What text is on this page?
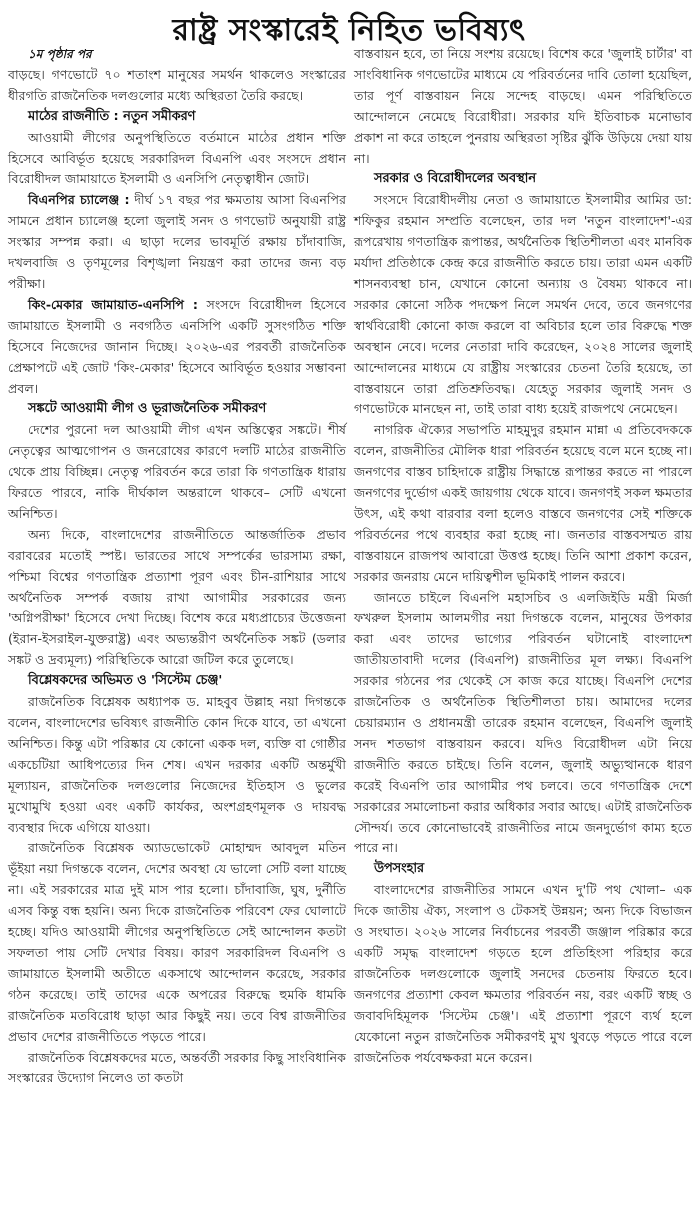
রাষ্ট্র সংস্কারেই নিহিত ভবিষ্যৎ

১ম পৃষ্ঠার পর

বাড়ছে। গণভোটে ৭০ শতাংশ মানুষের সমর্থন থাকলেও সংস্কারের ধীরগতি রাজনৈতিক দলগুলোর মধ্যে অস্থিরতা তৈরি করছে।

মাঠের রাজনীতি : নতুন সমীকরণ

আওয়ামী লীগের অনুপস্থিতিতে বর্তমানে মাঠের প্রধান শক্তি হিসেবে আবির্ভূত হয়েছে সরকারিদল বিএনপি এবং সংসদে প্রধান বিরোধীদল জামায়াতে ইসলামী ও এনসিপি নেতৃত্বাধীন জোট।

বিএনপির চ্যালেঞ্জ : দীর্ঘ ১৭ বছর পর ক্ষমতায় আসা বিএনপির সামনে প্রধান চ্যালেঞ্জ হলো জুলাই সনদ ও গণভোট অনুযায়ী রাষ্ট্র সংস্কার সম্পন্ন করা। এ ছাড়া দলের ভাবমূর্তি রক্ষায় চাঁদাবাজি, দখলবাজি ও তৃণমূলের বিশৃঙ্খলা নিয়ন্ত্রণ করা তাদের জন্য বড় পরীক্ষা।

কিং-মেকার জামায়াত-এনসিপি : সংসদে বিরোধীদল হিসেবে জামায়াতে ইসলামী ও নবগঠিত এনসিপি একটি সুসংগঠিত শক্তি হিসেবে নিজেদের জানান দিচ্ছে। ২০২৬-এর পরবর্তী রাজনৈতিক প্রেক্ষাপটে এই জোট 'কিং-মেকার' হিসেবে আবির্ভূত হওয়ার সম্ভাবনা প্রবল।

সঙ্কটে আওয়ামী লীগ ও ভূরাজনৈতিক সমীকরণ

দেশের পুরনো দল আওয়ামী লীগ এখন অস্তিত্বের সঙ্কটে। শীর্ষ নেতৃত্বের আত্মগোপন ও জনরোষের কারণে দলটি মাঠের রাজনীতি থেকে প্রায় বিচ্ছিন্ন। নেতৃত্ব পরিবর্তন করে তারা কি গণতান্ত্রিক ধারায় ফিরতে পারবে, নাকি দীর্ঘকাল অন্তরালে থাকবে– সেটি এখনো অনিশ্চিত।

অন্য দিকে, বাংলাদেশের রাজনীতিতে আন্তর্জাতিক প্রভাব বরাবরের মতোই স্পষ্ট। ভারতের সাথে সম্পর্কের ভারসাম্য রক্ষা, পশ্চিমা বিশ্বের গণতান্ত্রিক প্রত্যাশা পূরণ এবং চীন-রাশিয়ার সাথে অর্থনৈতিক সম্পর্ক বজায় রাখা আগামীর সরকারের জন্য 'অগ্নিপরীক্ষা' হিসেবে দেখা দিচ্ছে। বিশেষ করে মধ্যপ্রাচ্যের উত্তেজনা (ইরান-ইসরাইল-যুক্তরাষ্ট্র) এবং অভ্যন্তরীণ অর্থনৈতিক সঙ্কট (ডলার সঙ্কট ও দ্রব্যমূল্য) পরিস্থিতিকে আরো জটিল করে তুলেছে।

বিশ্লেষকদের অভিমত ও 'সিস্টেম চেঞ্জ'

রাজনৈতিক বিশ্লেষক অধ্যাপক ড. মাহবুব উল্লাহ নয়া দিগন্তকে বলেন, বাংলাদেশের ভবিষ্যৎ রাজনীতি কোন দিকে যাবে, তা এখনো অনিশ্চিত। কিন্তু এটা পরিষ্কার যে কোনো একক দল, ব্যক্তি বা গোষ্ঠীর একচেটিয়া আধিপত্যের দিন শেষ। এখন দরকার একটি অন্তর্মুখী মূল্যায়ন, রাজনৈতিক দলগুলোর নিজেদের ইতিহাস ও ভুলের মুখোমুখি হওয়া এবং একটি কার্যকর, অংশগ্রহণমূলক ও দায়বদ্ধ ব্যবস্থার দিকে এগিয়ে যাওয়া।

রাজনৈতিক বিশ্লেষক অ্যাডভোকেট মোহাম্মদ আবদুল মতিন ভূঁইয়া নয়া দিগন্তকে বলেন, দেশের অবস্থা যে ভালো সেটি বলা যাচ্ছে না। এই সরকারের মাত্র দুই মাস পার হলো। চাঁদাবাজি, ঘুষ, দুর্নীতি এসব কিন্তু বন্ধ হয়নি। অন্য দিকে রাজনৈতিক পরিবেশ ফের ঘোলাটে হচ্ছে। যদিও আওয়ামী লীগের অনুপস্থিতিতে সেই আন্দোলন কতটা সফলতা পায় সেটি দেখার বিষয়। কারণ সরকারিদল বিএনপি ও জামায়াতে ইসলামী অতীতে একসাথে আন্দোলন করেছে, সরকার গঠন করেছে। তাই তাদের একে অপরের বিরুদ্ধে হুমকি ধামকি রাজনৈতিক মতবিরোধ ছাড়া আর কিছুই নয়। তবে বিশ্ব রাজনীতির প্রভাব দেশের রাজনীতিতে পড়তে পারে।

রাজনৈতিক বিশ্লেষকদের মতে, অন্তর্বর্তী সরকার কিছু সাংবিধানিক সংস্কারের উদ্যোগ নিলেও তা কতটা

বাস্তবায়ন হবে, তা নিয়ে সংশয় রয়েছে। বিশেষ করে 'জুলাই চার্টার' বা সাংবিধানিক গণভোটের মাধ্যমে যে পরিবর্তনের দাবি তোলা হয়েছিল, তার পূর্ণ বাস্তবায়ন নিয়ে সন্দেহ বাড়ছে। এমন পরিস্থিতিতে আন্দোলনে নেমেছে বিরোধীরা। সরকার যদি ইতিবাচক মনোভাব প্রকাশ না করে তাহলে পুনরায় অস্থিরতা সৃষ্টির ঝুঁকি উড়িয়ে দেয়া যায় না।

সরকার ও বিরোধীদলের অবস্থান

সংসদে বিরোধীদলীয় নেতা ও জামায়াতে ইসলামীর আমির ডা: শফিকুর রহমান সম্প্রতি বলেছেন, তার দল 'নতুন বাংলাদেশ'-এর রূপরেখায় গণতান্ত্রিক রূপান্তর, অর্থনৈতিক স্থিতিশীলতা এবং মানবিক মর্যাদা প্রতিষ্ঠাকে কেন্দ্র করে রাজনীতি করতে চায়। তারা এমন একটি শাসনব্যবস্থা চান, যেখানে কোনো অন্যায় ও বৈষম্য থাকবে না। সরকার কোনো সঠিক পদক্ষেপ নিলে সমর্থন দেবে, তবে জনগণের স্বার্থবিরোধী কোনো কাজ করলে বা অবিচার হলে তার বিরুদ্ধে শক্ত অবস্থান নেবে। দলের নেতারা দাবি করেছেন, ২০২৪ সালের জুলাই আন্দোলনের মাধ্যমে যে রাষ্ট্রীয় সংস্কারের চেতনা তৈরি হয়েছে, তা বাস্তবায়নে তারা প্রতিশ্রুতিবদ্ধ। যেহেতু সরকার জুলাই সনদ ও গণভোটকে মানছেন না, তাই তারা বাধ্য হয়েই রাজপথে নেমেছেন।

নাগরিক ঐক্যের সভাপতি মাহমুদুর রহমান মান্না এ প্রতিবেদককে বলেন, রাজনীতির মৌলিক ধারা পরিবর্তন হয়েছে বলে মনে হচ্ছে না। জনগণের বাস্তব চাহিদাকে রাষ্ট্রীয় সিদ্ধান্তে রূপান্তর করতে না পারলে জনগণের দুর্ভোগ একই জায়গায় থেকে যাবে। জনগণই সকল ক্ষমতার উৎস, এই কথা বারবার বলা হলেও বাস্তবে জনগণের সেই শক্তিকে পরিবর্তনের পথে ব্যবহার করা হচ্ছে না। জনতার বাস্তবসম্মত রায় বাস্তবায়নে রাজপথ আবারো উত্তপ্ত হচ্ছে। তিনি আশা প্রকাশ করেন, সরকার জনরায় মেনে দায়িত্বশীল ভূমিকাই পালন করবে।

জানতে চাইলে বিএনপি মহাসচিব ও এলজিইডি মন্ত্রী মির্জা ফখরুল ইসলাম আলমগীর নয়া দিগন্তকে বলেন, মানুষের উপকার করা এবং তাদের ভাগ্যের পরিবর্তন ঘটানোই বাংলাদেশ জাতীয়তাবাদী দলের (বিএনপি) রাজনীতির মূল লক্ষ্য। বিএনপি সরকার গঠনের পর থেকেই সে কাজ করে যাচ্ছে। বিএনপি দেশের রাজনৈতিক ও অর্থনৈতিক স্থিতিশীলতা চায়। আমাদের দলের চেয়ারম্যান ও প্রধানমন্ত্রী তারেক রহমান বলেছেন, বিএনপি জুলাই সনদ শতভাগ বাস্তবায়ন করবে। যদিও বিরোধীদল এটা নিয়ে রাজনীতি করতে চাইছে। তিনি বলেন, জুলাই অভ্যুত্থানকে ধারণ করেই বিএনপি তার আগামীর পথ চলবে। তবে গণতান্ত্রিক দেশে সরকারের সমালোচনা করার অধিকার সবার আছে। এটাই রাজনৈতিক সৌন্দর্য। তবে কোনোভাবেই রাজনীতির নামে জনদুর্ভোগ কাম্য হতে পারে না।

উপসংহার

বাংলাদেশের রাজনীতির সামনে এখন দু'টি পথ খোলা– এক দিকে জাতীয় ঐক্য, সংলাপ ও টেকসই উন্নয়ন; অন্য দিকে বিভাজন ও সংঘাত। ২০২৬ সালের নির্বাচনের পরবর্তী জঞ্জাল পরিষ্কার করে একটি সমৃদ্ধ বাংলাদেশ গড়তে হলে প্রতিহিংসা পরিহার করে রাজনৈতিক দলগুলোকে জুলাই সনদের চেতনায় ফিরতে হবে। জনগণের প্রত্যাশা কেবল ক্ষমতার পরিবর্তন নয়, বরং একটি স্বচ্ছ ও জবাবদিহিমূলক 'সিস্টেম চেঞ্জ'। এই প্রত্যাশা পূরণে ব্যর্থ হলে যেকোনো নতুন রাজনৈতিক সমীকরণই মুখ থুবড়ে পড়তে পারে বলে রাজনৈতিক পর্যবেক্ষকরা মনে করেন।
